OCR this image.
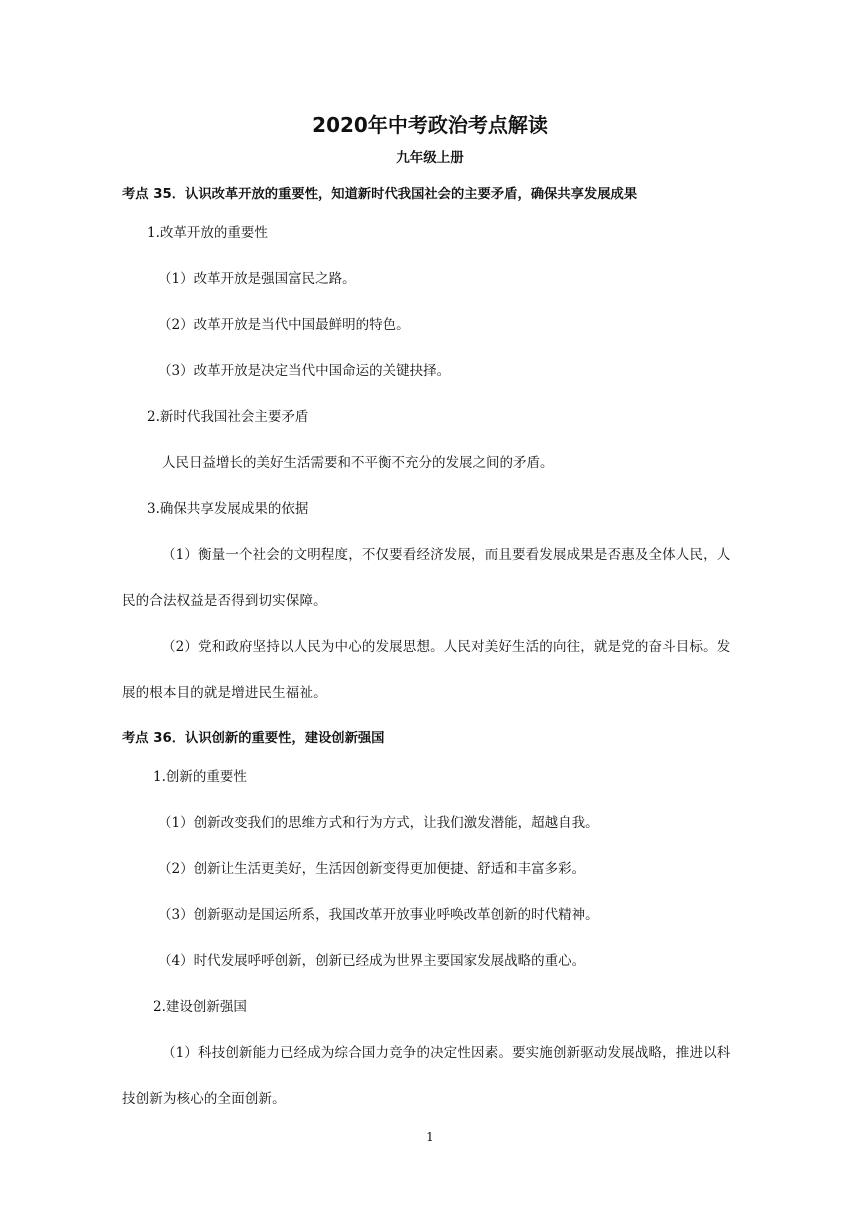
2020年中考政治考点解读
九年级上册

考点 35．认识改革开放的重要性，知道新时代我国社会的主要矛盾，确保共享发展成果

1.改革开放的重要性

（1）改革开放是强国富民之路。

（2）改革开放是当代中国最鲜明的特色。

（3）改革开放是决定当代中国命运的关键抉择。

2.新时代我国社会主要矛盾

人民日益增长的美好生活需要和不平衡不充分的发展之间的矛盾。

3.确保共享发展成果的依据

（1）衡量一个社会的文明程度，不仅要看经济发展，而且要看发展成果是否惠及全体人民，人民的合法权益是否得到切实保障。

（2）党和政府坚持以人民为中心的发展思想。人民对美好生活的向往，就是党的奋斗目标。发展的根本目的就是增进民生福祉。

考点 36．认识创新的重要性，建设创新强国

1.创新的重要性

（1）创新改变我们的思维方式和行为方式，让我们激发潜能，超越自我。

（2）创新让生活更美好，生活因创新变得更加便捷、舒适和丰富多彩。

（3）创新驱动是国运所系，我国改革开放事业呼唤改革创新的时代精神。

（4）时代发展呼呼创新，创新已经成为世界主要国家发展战略的重心。

2.建设创新强国

（1）科技创新能力已经成为综合国力竞争的决定性因素。要实施创新驱动发展战略，推进以科技创新为核心的全面创新。

1
